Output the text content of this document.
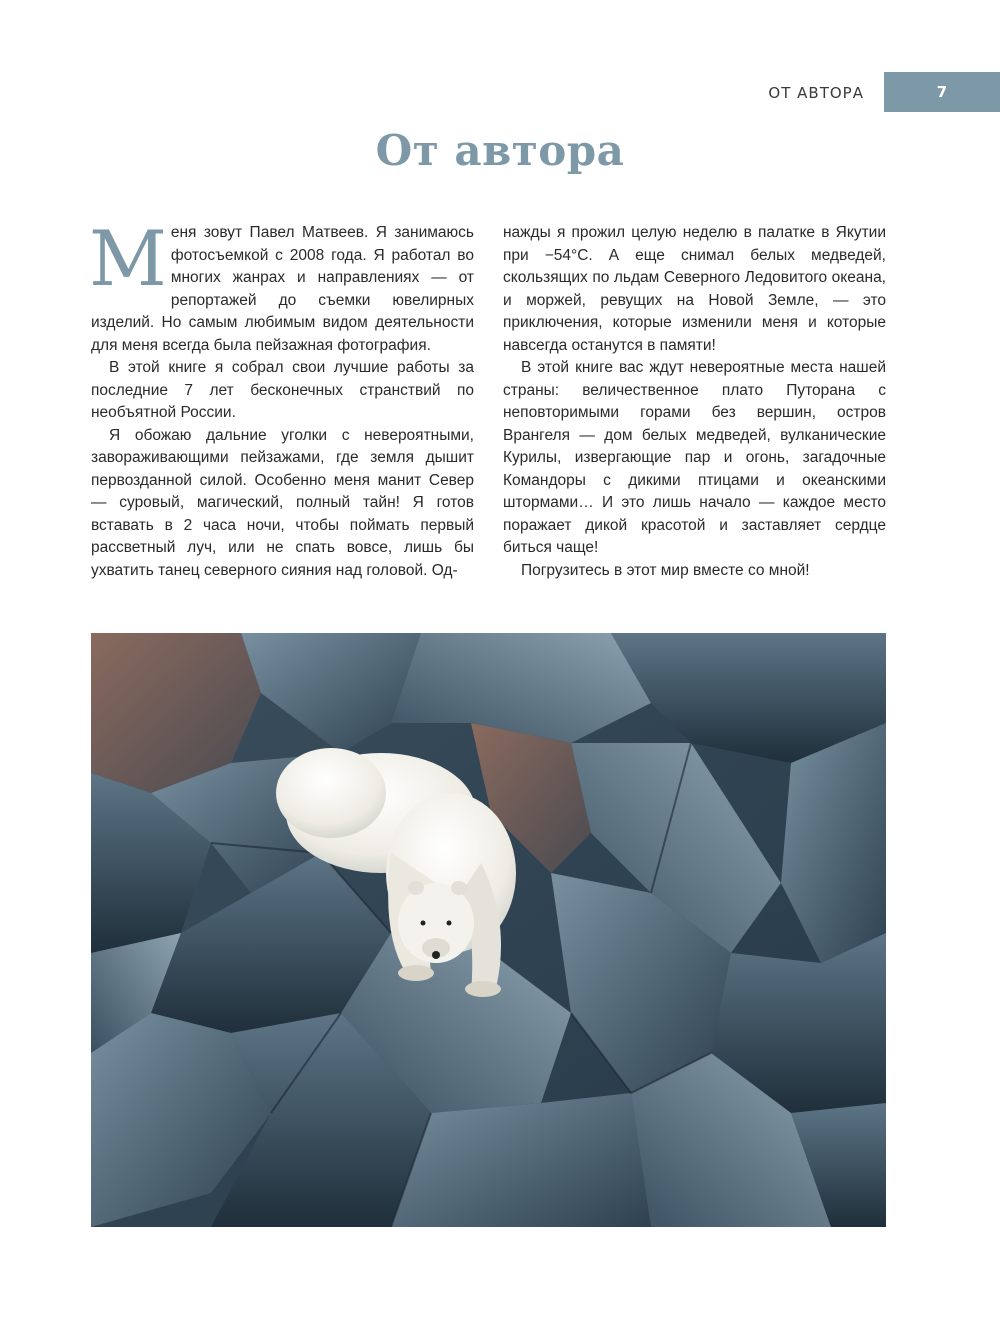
ОТ АВТОРА	7
От автора

Меня зовут Павел Матвеев. Я занимаюсь фотосъемкой с 2008 года. Я работал во многих жанрах и направлениях — от репортажей до съемки ювелирных изделий. Но самым любимым видом деятельности для меня всегда была пейзажная фотография.

В этой книге я собрал свои лучшие работы за последние 7 лет бесконечных странствий по необъятной России.

Я обожаю дальние уголки с невероятными, завораживающими пейзажами, где земля дышит первозданной силой. Особенно меня манит Север — суровый, магический, полный тайн! Я готов вставать в 2 часа ночи, чтобы поймать первый рассветный луч, или не спать вовсе, лишь бы ухватить танец северного сияния над головой. Од-

нажды я прожил целую неделю в палатке в Якутии при −54°С. А еще снимал белых медведей, скользящих по льдам Северного Ледовитого океана, и моржей, ревущих на Новой Земле, — это приключения, которые изменили меня и которые навсегда останутся в памяти!

В этой книге вас ждут невероятные места нашей страны: величественное плато Путорана с неповторимыми горами без вершин, остров Врангеля — дом белых медведей, вулканические Курилы, извергающие пар и огонь, загадочные Командоры с дикими птицами и океанскими штормами… И это лишь начало — каждое место поражает дикой красотой и заставляет сердце биться чаще!

Погрузитесь в этот мир вместе со мной!
